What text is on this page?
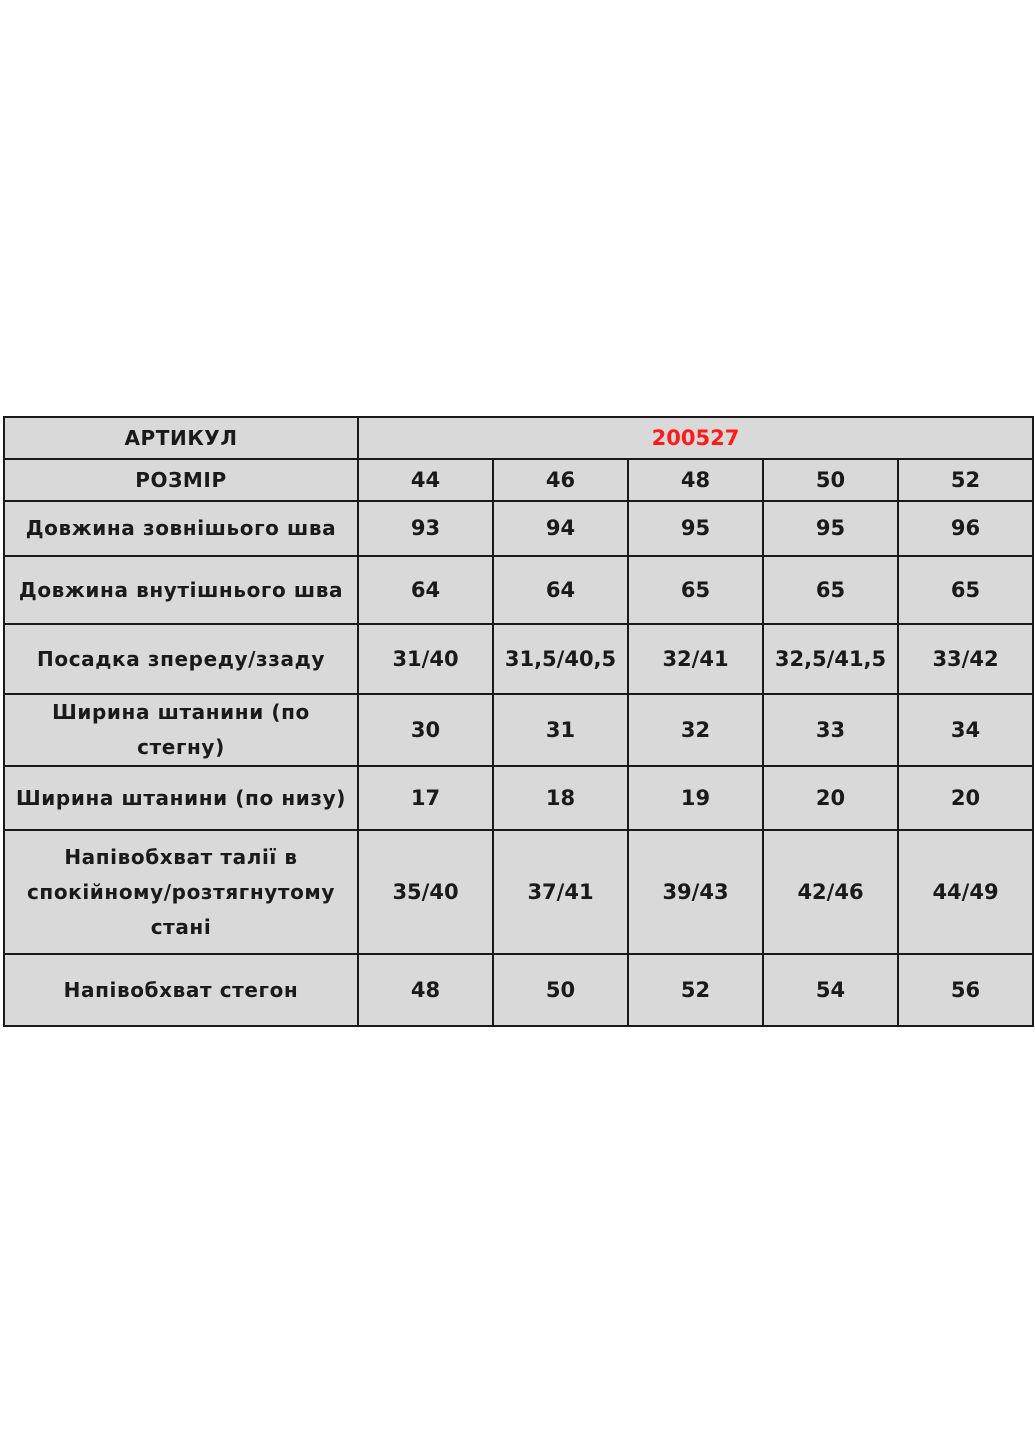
АРТИКУЛ	200527				
РОЗМІР	44	46	48	50	52
Довжина зовнішього шва	93	94	95	95	96
Довжина внутішнього шва	64	64	65	65	65
Посадка зпереду/ззаду	31/40	31,5/40,5	32/41	32,5/41,5	33/42
Ширина штанини (по стегну)	30	31	32	33	34
Ширина штанини (по низу)	17	18	19	20	20
Напівобхват талії в спокійному/розтягнутому стані	35/40	37/41	39/43	42/46	44/49
Напівобхват стегон	48	50	52	54	56
